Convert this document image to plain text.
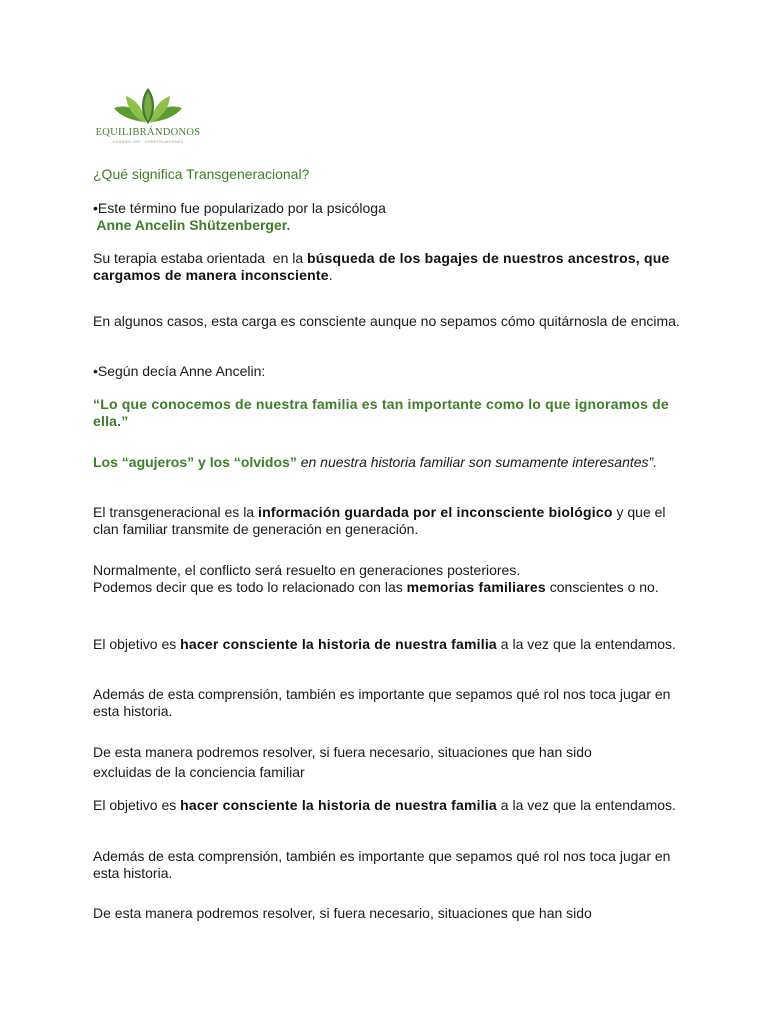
EQUILIBRÁNDONOS
COUNSELING · CONSTELACIONES

¿Qué significa Transgeneracional?

•Este término fue popularizado por la psicóloga
Anne Ancelin Shützenberger.

Su terapia estaba orientada  en la búsqueda de los bagajes de nuestros ancestros, que cargamos de manera inconsciente.

En algunos casos, esta carga es consciente aunque no sepamos cómo quitárnosla de encima.

•Según decía Anne Ancelin:

“Lo que conocemos de nuestra familia es tan importante como lo que ignoramos de ella.”

Los “agujeros” y los “olvidos” en nuestra historia familiar son sumamente interesantes”.

El transgeneracional es la información guardada por el inconsciente biológico y que el clan familiar transmite de generación en generación.

Normalmente, el conflicto será resuelto en generaciones posteriores.
Podemos decir que es todo lo relacionado con las memorias familiares conscientes o no.

El objetivo es hacer consciente la historia de nuestra familia a la vez que la entendamos.

Además de esta comprensión, también es importante que sepamos qué rol nos toca jugar en esta historia.

De esta manera podremos resolver, si fuera necesario, situaciones que han sido
excluidas de la conciencia familiar

El objetivo es hacer consciente la historia de nuestra familia a la vez que la entendamos.

Además de esta comprensión, también es importante que sepamos qué rol nos toca jugar en esta historia.

De esta manera podremos resolver, si fuera necesario, situaciones que han sido
